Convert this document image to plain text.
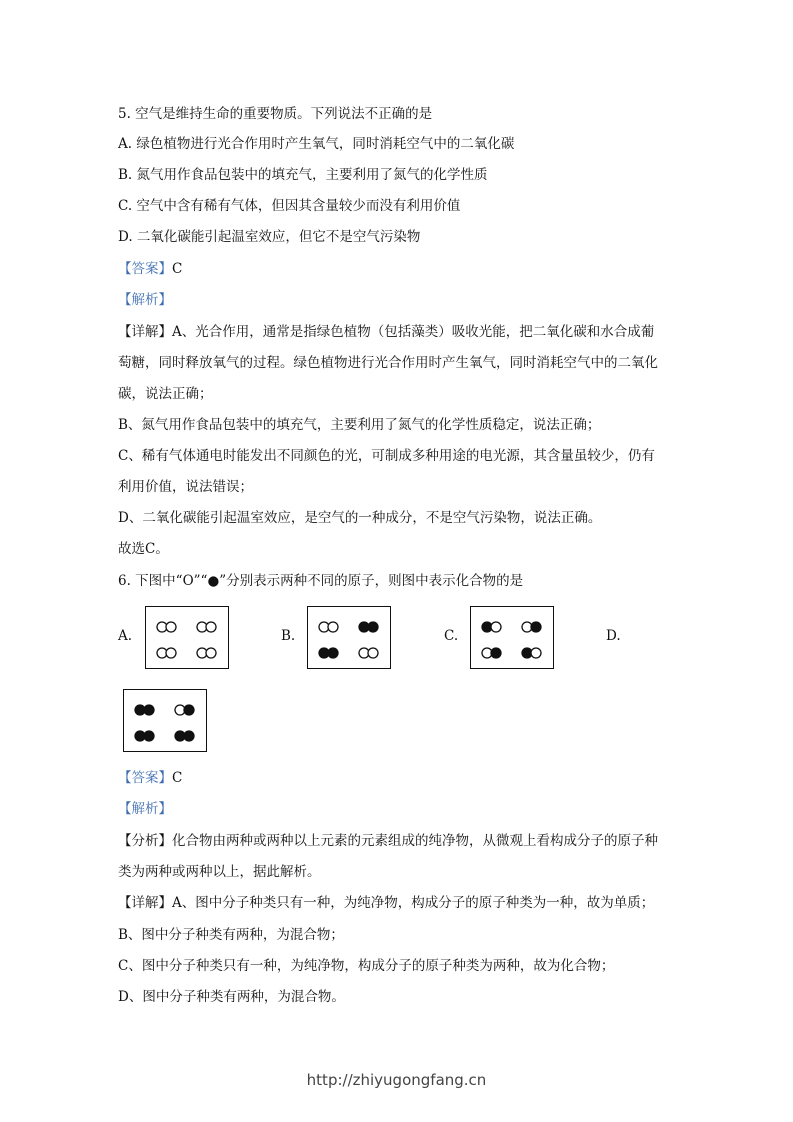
5. 空气是维持生命的重要物质。下列说法不正确的是
A. 绿色植物进行光合作用时产生氧气，同时消耗空气中的二氧化碳
B. 氮气用作食品包装中的填充气，主要利用了氮气的化学性质
C. 空气中含有稀有气体，但因其含量较少而没有利用价值
D. 二氧化碳能引起温室效应，但它不是空气污染物
【答案】C
【解析】
【详解】A、光合作用，通常是指绿色植物（包括藻类）吸收光能，把二氧化碳和水合成葡
萄糖，同时释放氧气的过程。绿色植物进行光合作用时产生氧气，同时消耗空气中的二氧化
碳，说法正确；
B、氮气用作食品包装中的填充气，主要利用了氮气的化学性质稳定，说法正确；
C、稀有气体通电时能发出不同颜色的光，可制成多种用途的电光源，其含量虽较少，仍有
利用价值，说法错误；
D、二氧化碳能引起温室效应，是空气的一种成分，不是空气污染物，说法正确。
故选C。
6. 下图中“O”“●”分别表示两种不同的原子，则图中表示化合物的是
A.	B.	C.	D.
【答案】C
【解析】
【分析】化合物由两种或两种以上元素的元素组成的纯净物，从微观上看构成分子的原子种
类为两种或两种以上，据此解析。
【详解】A、图中分子种类只有一种，为纯净物，构成分子的原子种类为一种，故为单质；
B、图中分子种类有两种，为混合物；
C、图中分子种类只有一种，为纯净物，构成分子的原子种类为两种，故为化合物；
D、图中分子种类有两种，为混合物。
http://zhiyugongfang.cn
